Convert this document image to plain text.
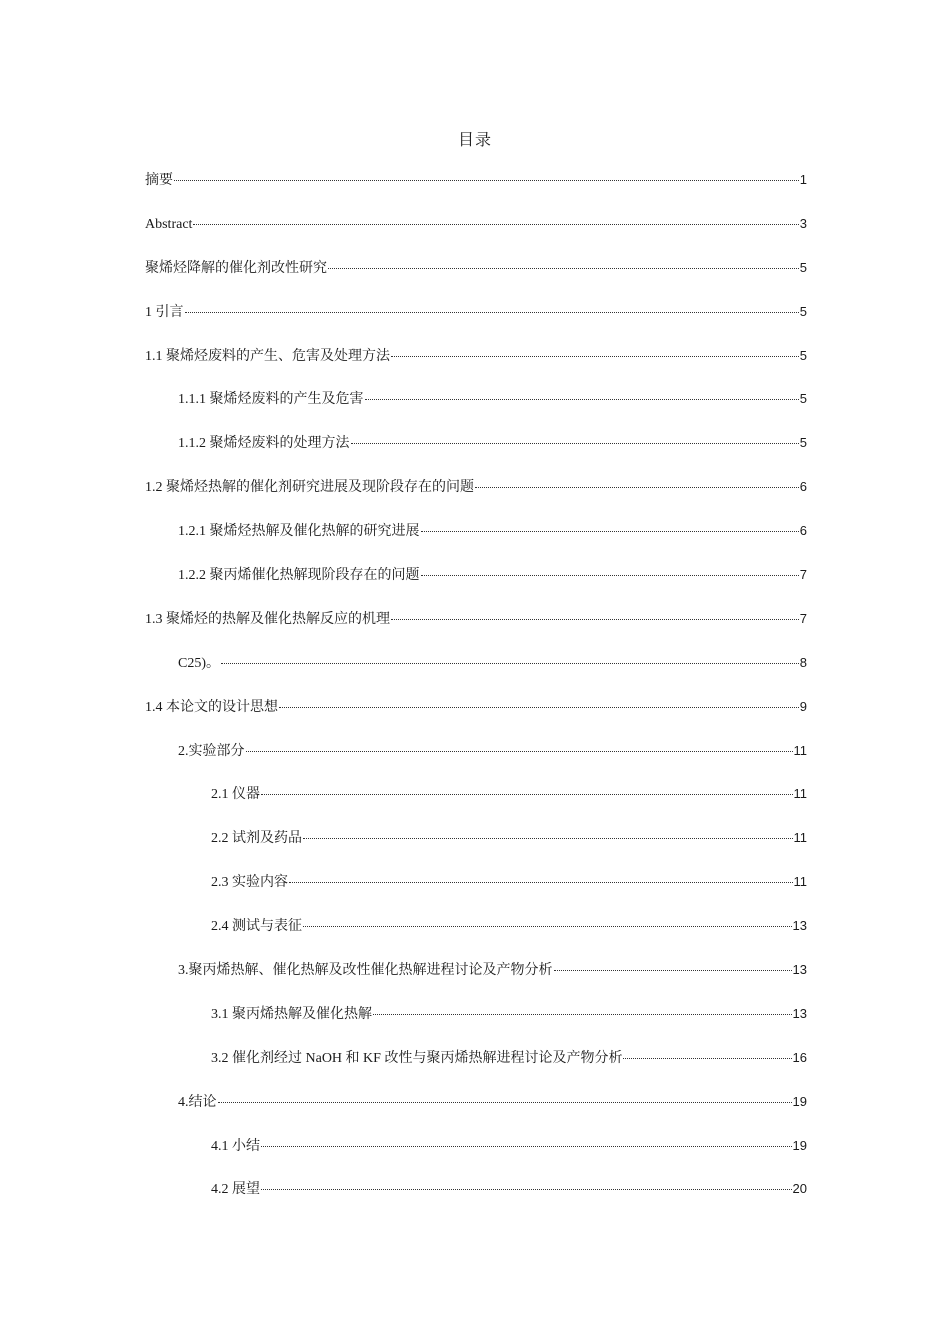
目录
摘要	1
Abstract	3
聚烯烃降解的催化剂改性研究	5
1 引言	5
1.1 聚烯烃废料的产生、危害及处理方法	5
1.1.1 聚烯烃废料的产生及危害	5
1.1.2 聚烯烃废料的处理方法	5
1.2 聚烯烃热解的催化剂研究进展及现阶段存在的问题	6
1.2.1 聚烯烃热解及催化热解的研究进展	6
1.2.2 聚丙烯催化热解现阶段存在的问题	7
1.3 聚烯烃的热解及催化热解反应的机理	7
C25)。	8
1.4 本论文的设计思想	9
2.实验部分	11
2.1 仪器	11
2.2 试剂及药品	11
2.3 实验内容	11
2.4 测试与表征	13
3.聚丙烯热解、催化热解及改性催化热解进程讨论及产物分析	13
3.1 聚丙烯热解及催化热解	13
3.2 催化剂经过 NaOH 和 KF 改性与聚丙烯热解进程讨论及产物分析	16
4.结论	19
4.1 小结	19
4.2 展望	20
